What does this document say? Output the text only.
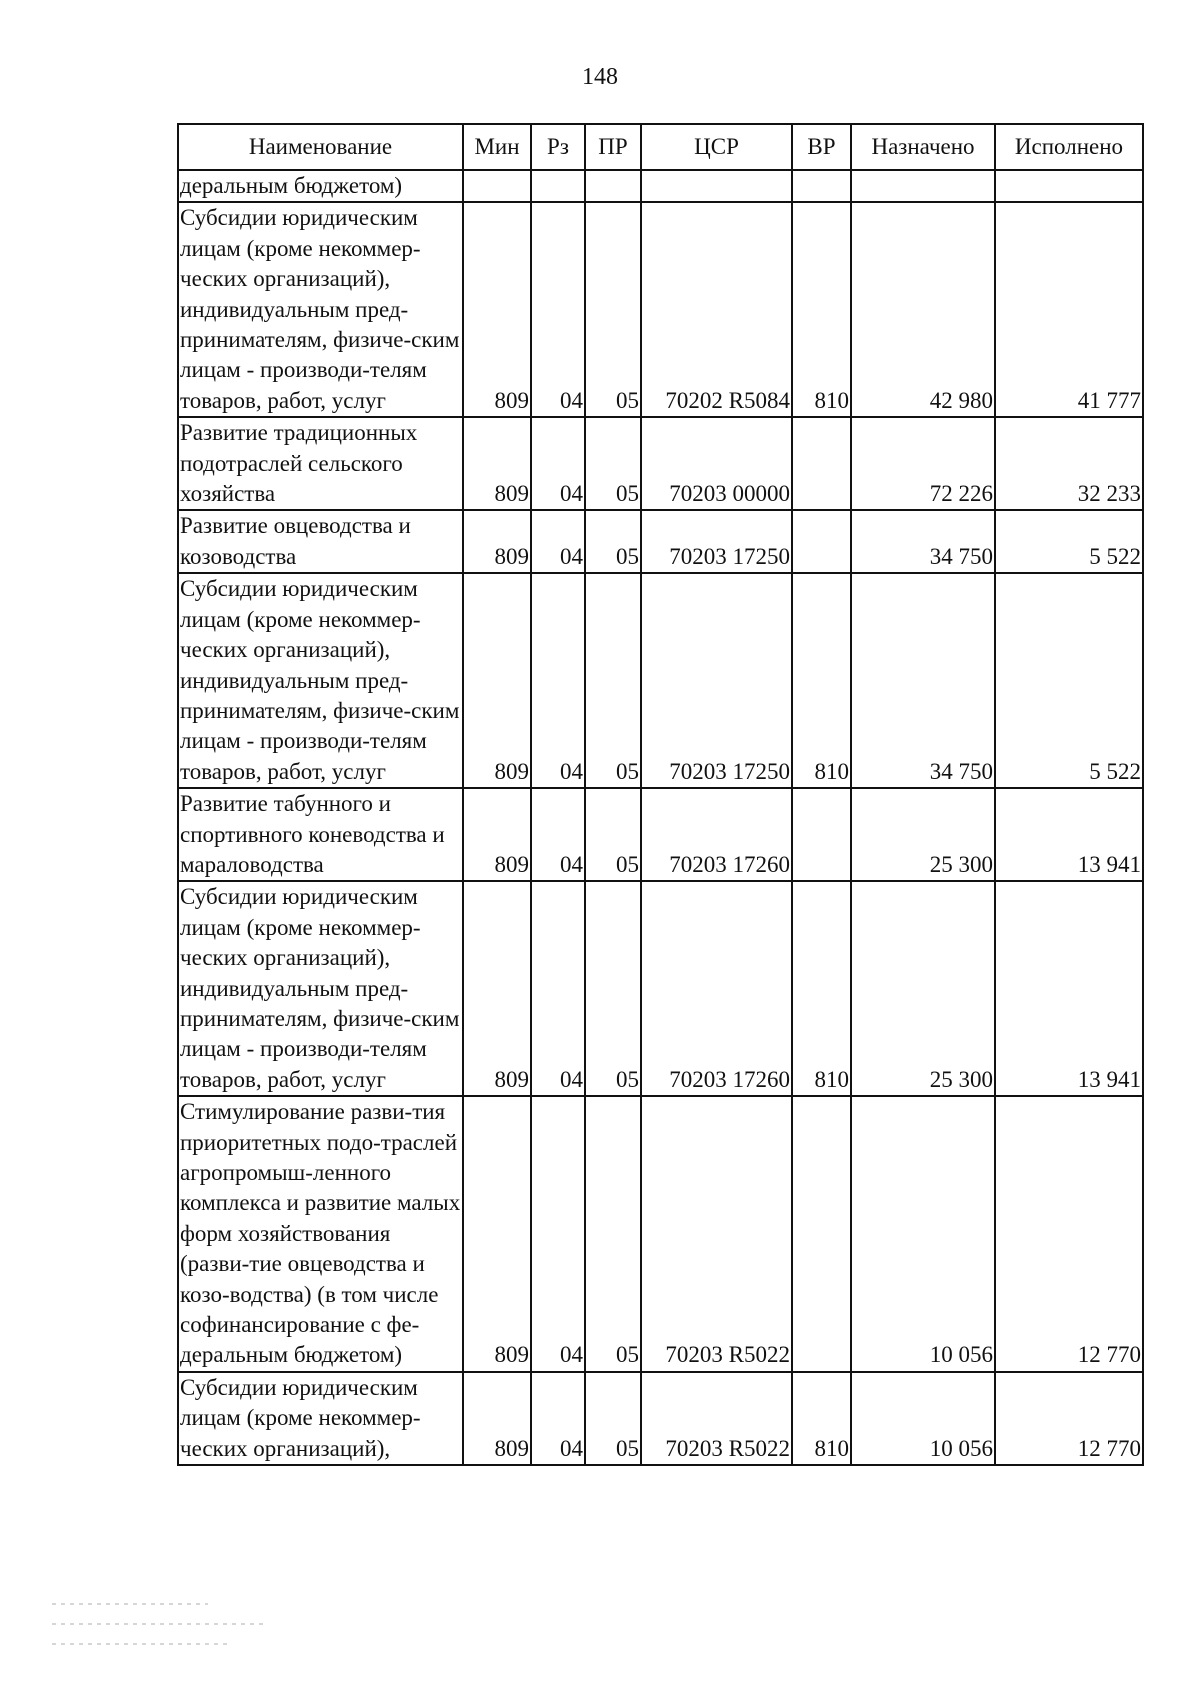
148
Наименование	Мин	Рз	ПР	ЦСР	ВР	Назначено	Исполнено
дeральным бюджетом)							
Субсидии юридическим лицам (кроме некоммер-ческих организаций), индивидуальным пред-принимателям, физиче-ским лицам - производи-телям товаров, работ, услуг	809	04	05	70202 R5084	810	42 980	41 777
Развитие традиционных подотраслей сельского хозяйства	809	04	05	70203 00000		72 226	32 233
Развитие овцеводства и козоводства	809	04	05	70203 17250		34 750	5 522
Субсидии юридическим лицам (кроме некоммер-ческих организаций), индивидуальным пред-принимателям, физиче-ским лицам - производи-телям товаров, работ, услуг	809	04	05	70203 17250	810	34 750	5 522
Развитие табунного и спортивного коневодства и мараловодства	809	04	05	70203 17260		25 300	13 941
Субсидии юридическим лицам (кроме некоммер-ческих организаций), индивидуальным пред-принимателям, физиче-ским лицам - производи-телям товаров, работ, услуг	809	04	05	70203 17260	810	25 300	13 941
Стимулирование разви-тия приоритетных подо-траслей агропромыш-ленного комплекса и развитие малых форм хозяйствования (разви-тие овцеводства и козо-водства) (в том числе софинансирование с фе-деральным бюджетом)	809	04	05	70203 R5022		10 056	12 770
Субсидии юридическим лицам (кроме некоммер-ческих организаций),	809	04	05	70203 R5022	810	10 056	12 770
